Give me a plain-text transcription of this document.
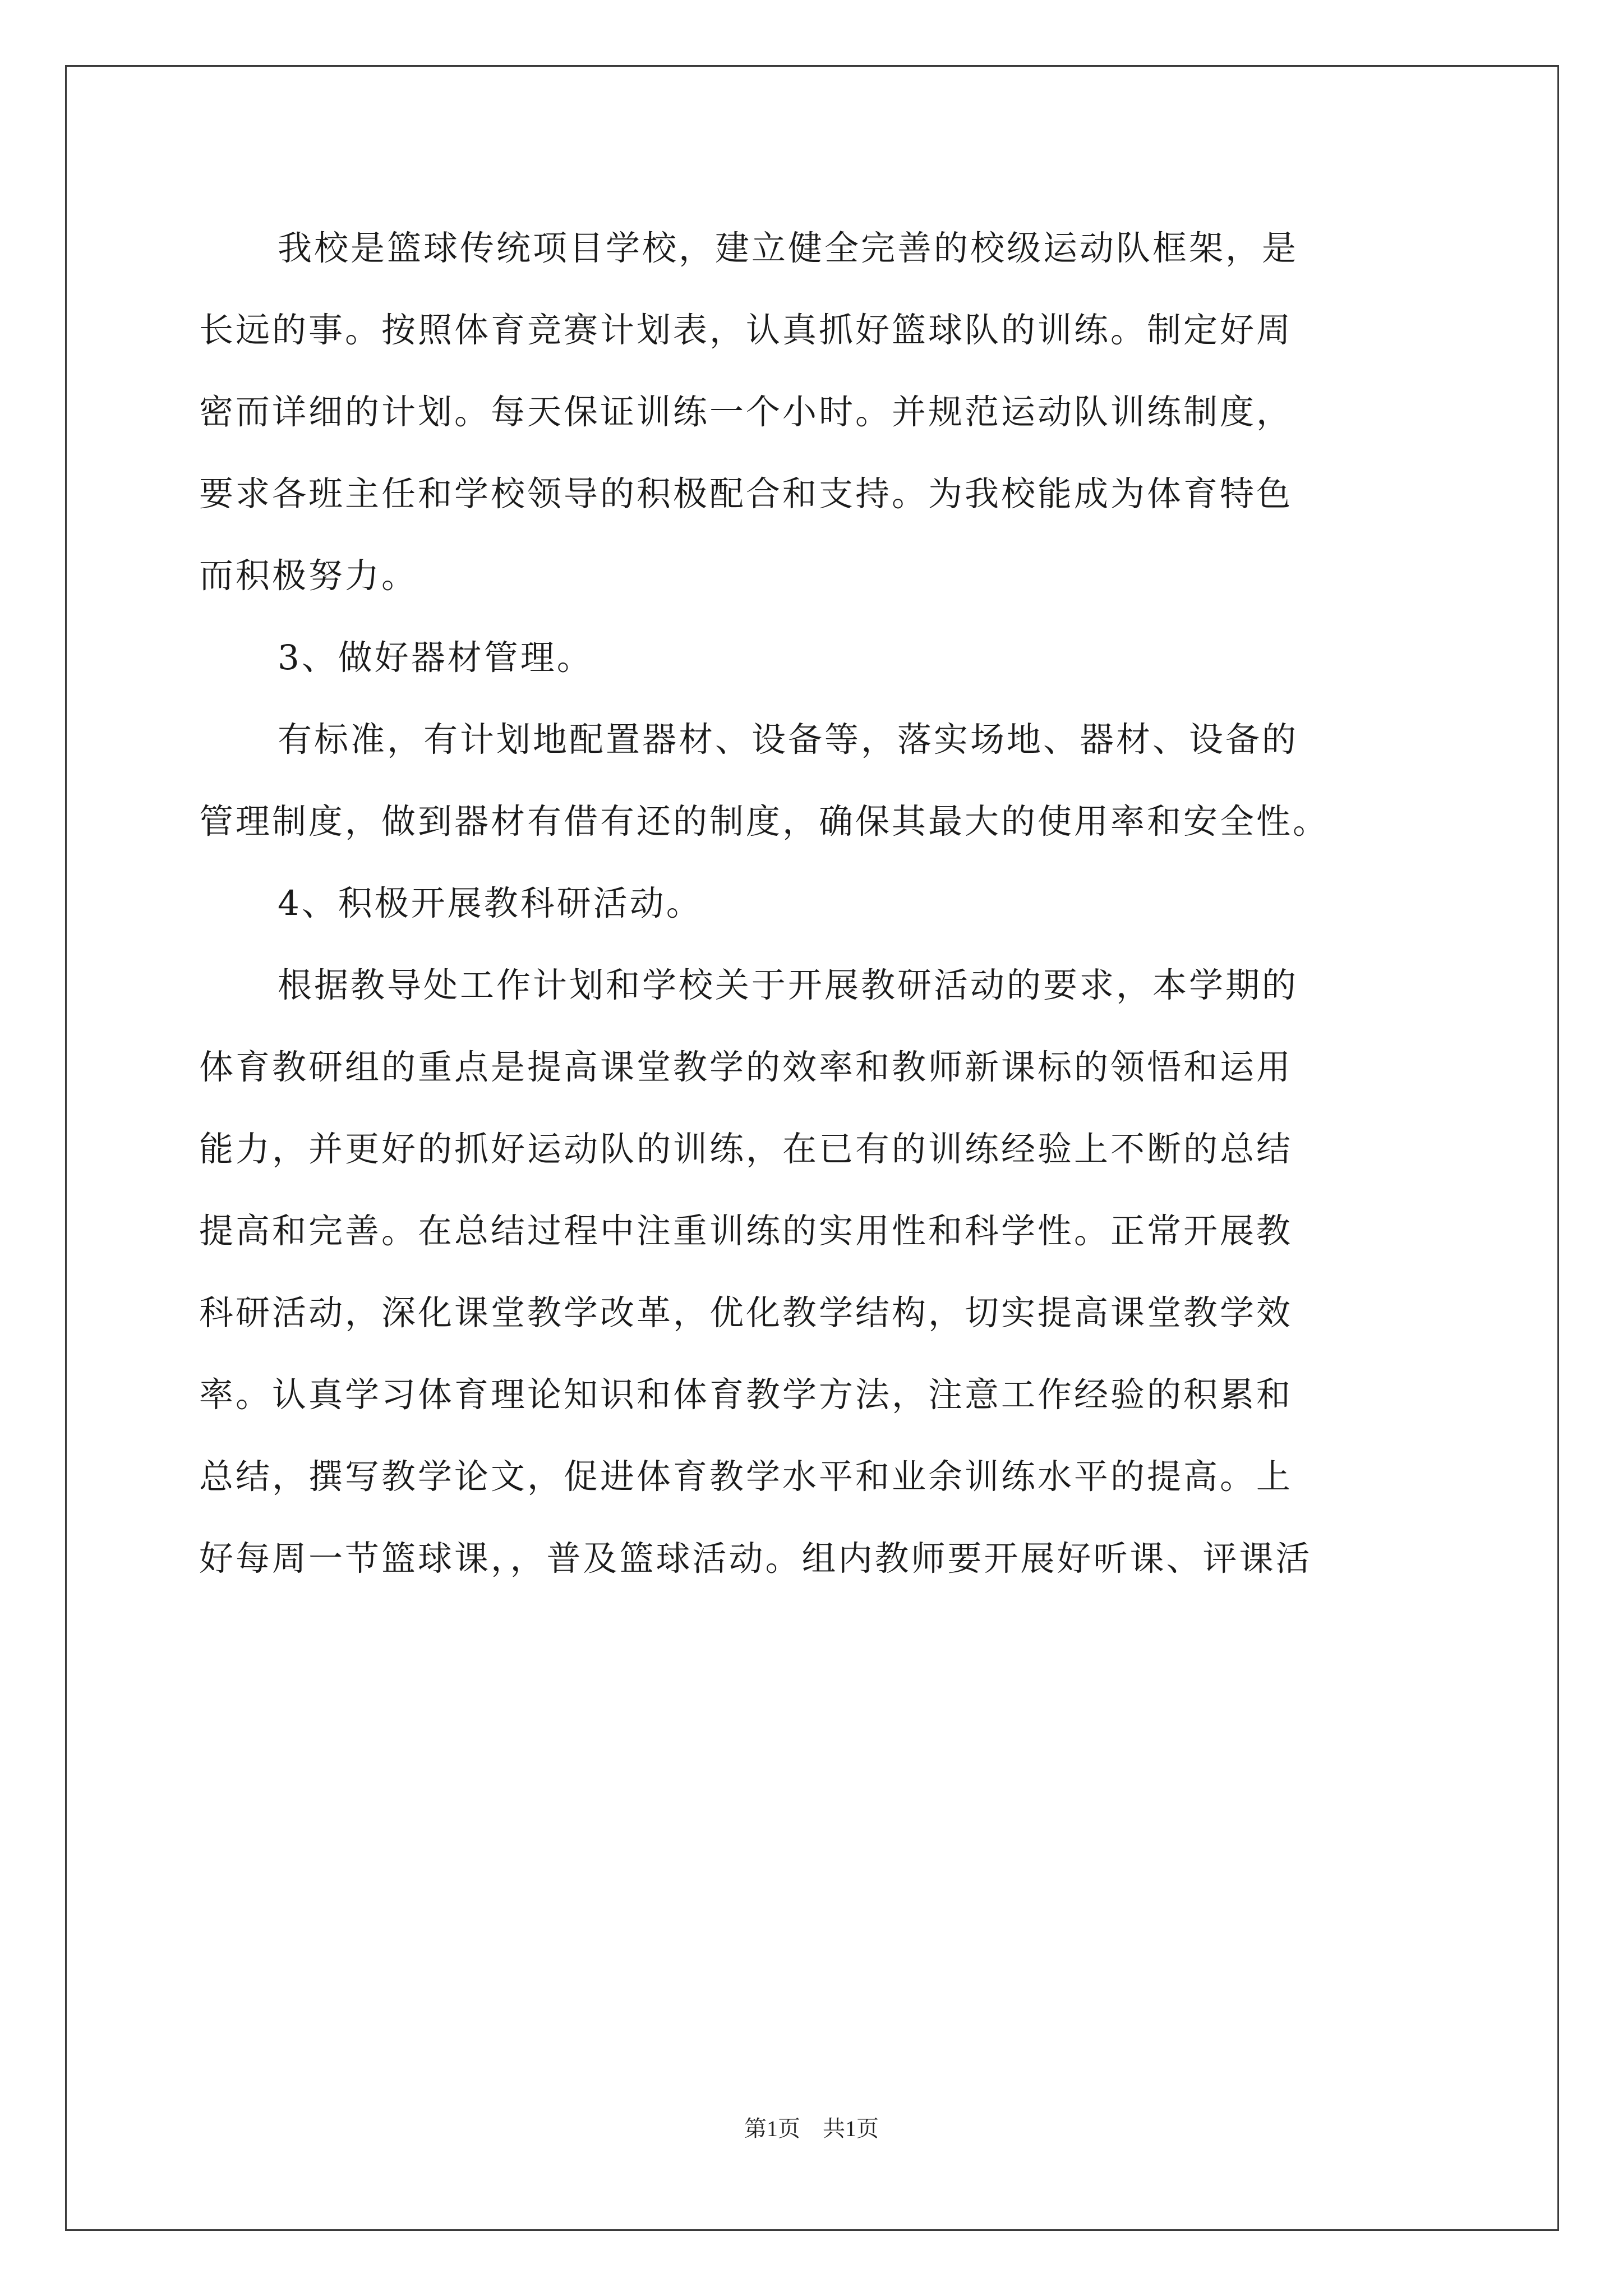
我校是篮球传统项目学校，建立健全完善的校级运动队框架，是
长远的事。按照体育竞赛计划表，认真抓好篮球队的训练。制定好周
密而详细的计划。每天保证训练一个小时。并规范运动队训练制度，
要求各班主任和学校领导的积极配合和支持。为我校能成为体育特色
而积极努力。
3、做好器材管理。
有标准，有计划地配置器材、设备等，落实场地、器材、设备的
管理制度，做到器材有借有还的制度，确保其最大的使用率和安全性。
4、积极开展教科研活动。
根据教导处工作计划和学校关于开展教研活动的要求，本学期的
体育教研组的重点是提高课堂教学的效率和教师新课标的领悟和运用
能力，并更好的抓好运动队的训练，在已有的训练经验上不断的总结
提高和完善。在总结过程中注重训练的实用性和科学性。正常开展教
科研活动，深化课堂教学改革，优化教学结构，切实提高课堂教学效
率。认真学习体育理论知识和体育教学方法，注意工作经验的积累和
总结，撰写教学论文，促进体育教学水平和业余训练水平的提高。上
好每周一节篮球课，，普及篮球活动。组内教师要开展好听课、评课活
第1页　共1页
